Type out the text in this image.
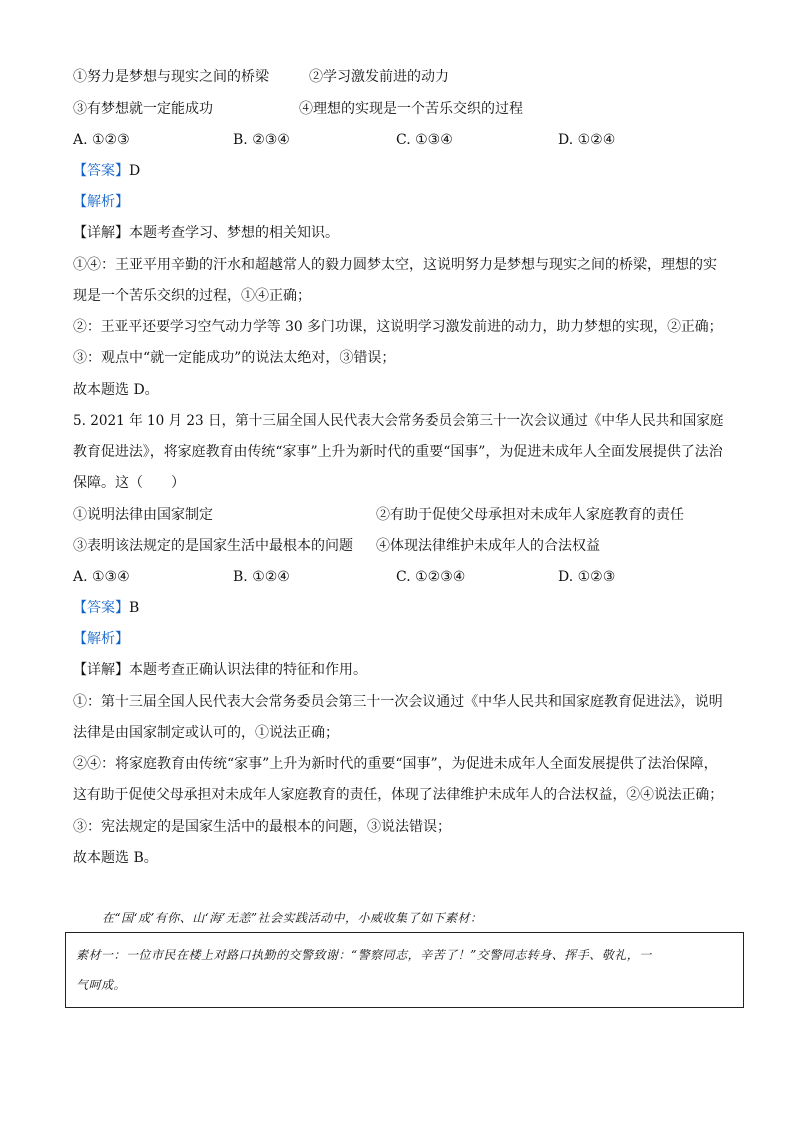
①努力是梦想与现实之间的桥梁	②学习激发前进的动力
③有梦想就一定能成功	④理想的实现是一个苦乐交织的过程
A. ①②③	B. ②③④	C. ①③④	D. ①②④
【答案】D
【解析】
【详解】本题考查学习、梦想的相关知识。
①④：王亚平用辛勤的汗水和超越常人的毅力圆梦太空，这说明努力是梦想与现实之间的桥梁，理想的实
现是一个苦乐交织的过程，①④正确；
②：王亚平还要学习空气动力学等 30 多门功课，这说明学习激发前进的动力，助力梦想的实现，②正确；
③：观点中“就一定能成功”的说法太绝对，③错误；
故本题选 D。
5. 2021 年 10 月 23 日，第十三届全国人民代表大会常务委员会第三十一次会议通过《中华人民共和国家庭
教育促进法》，将家庭教育由传统“家事”上升为新时代的重要“国事”，为促进未成年人全面发展提供了法治
保障。这（　　）
①说明法律由国家制定	②有助于促使父母承担对未成年人家庭教育的责任
③表明该法规定的是国家生活中最根本的问题 ④体现法律维护未成年人的合法权益
A. ①③④	B. ①②④	C. ①②③④	D. ①②③
【答案】B
【解析】
【详解】本题考查正确认识法律的特征和作用。
①：第十三届全国人民代表大会常务委员会第三十一次会议通过《中华人民共和国家庭教育促进法》，说明
法律是由国家制定或认可的，①说法正确；
②④：将家庭教育由传统“家事”上升为新时代的重要“国事”，为促进未成年人全面发展提供了法治保障，
这有助于促使父母承担对未成年人家庭教育的责任，体现了法律维护未成年人的合法权益，②④说法正确；
③：宪法规定的是国家生活中的最根本的问题，③说法错误；
故本题选 B。
在“国‘成’有你、山‘海’无恙”社会实践活动中，小威收集了如下素材：
素材一：一位市民在楼上对路口执勤的交警致谢：“警察同志，辛苦了！”交警同志转身、挥手、敬礼，一
气呵成。
